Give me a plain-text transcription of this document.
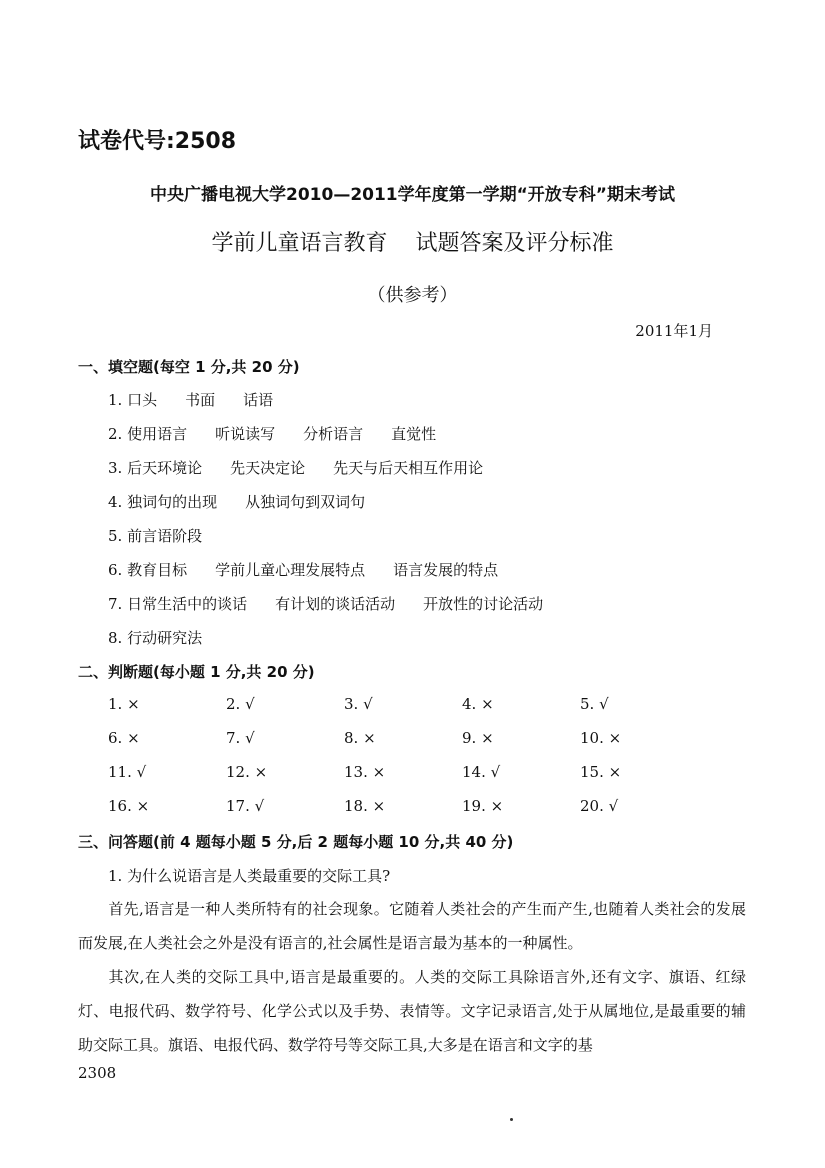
试卷代号:2508
中央广播电视大学2010—2011学年度第一学期“开放专科”期末考试
学前儿童语言教育 试题答案及评分标准
（供参考）
2011年1月
一、填空题(每空 1 分,共 20 分)
1. 口头 书面 话语
2. 使用语言 听说读写 分析语言 直觉性
3. 后天环境论 先天决定论 先天与后天相互作用论
4. 独词句的出现 从独词句到双词句
5. 前言语阶段
6. 教育目标 学前儿童心理发展特点 语言发展的特点
7. 日常生活中的谈话 有计划的谈话活动 开放性的讨论活动
8. 行动研究法
二、判断题(每小题 1 分,共 20 分)
1. ×	2. √	3. √	4. ×	5. √
6. ×	7. √	8. ×	9. ×	10. ×
11. √	12. ×	13. ×	14. √	15. ×
16. ×	17. √	18. ×	19. ×	20. √
三、问答题(前 4 题每小题 5 分,后 2 题每小题 10 分,共 40 分)
1. 为什么说语言是人类最重要的交际工具?
首先,语言是一种人类所特有的社会现象。它随着人类社会的产生而产生,也随着人类社会的发展而发展,在人类社会之外是没有语言的,社会属性是语言最为基本的一种属性。
其次,在人类的交际工具中,语言是最重要的。人类的交际工具除语言外,还有文字、旗语、红绿灯、电报代码、数学符号、化学公式以及手势、表情等。文字记录语言,处于从属地位,是最重要的辅助交际工具。旗语、电报代码、数学符号等交际工具,大多是在语言和文字的基
2308
